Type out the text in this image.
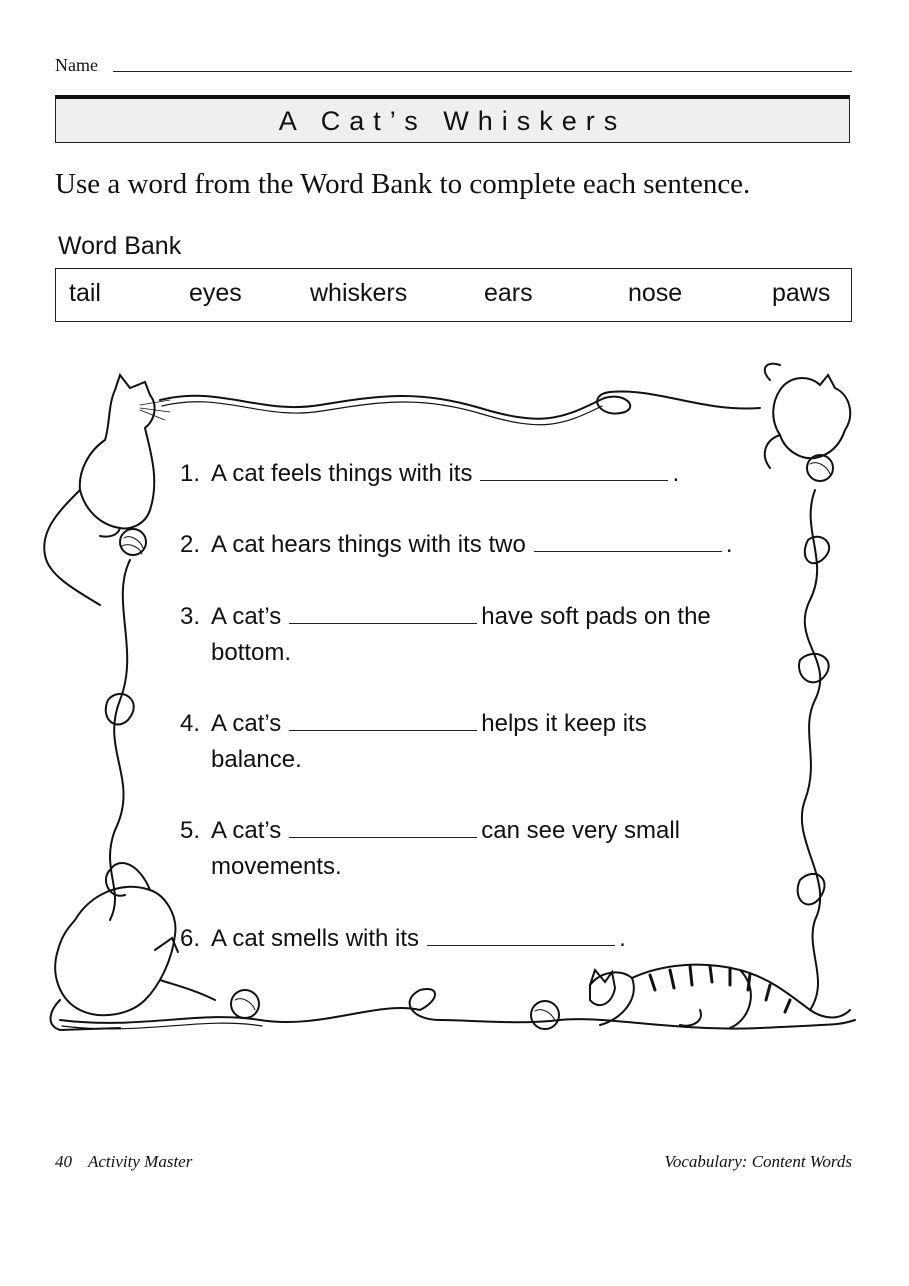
Name
A Cat’s Whiskers
Use a word from the Word Bank to complete each sentence.
Word Bank
tail	eyes	whiskers	ears	nose	paws
1. A cat feels things with its	.
2. A cat hears things with its two	.
3. A cat’s	have soft pads on the
bottom.
4. A cat’s	helps it keep its
balance.
5. A cat’s	can see very small
movements.
6. A cat smells with its	.
40 Activity Master	Vocabulary: Content Words
